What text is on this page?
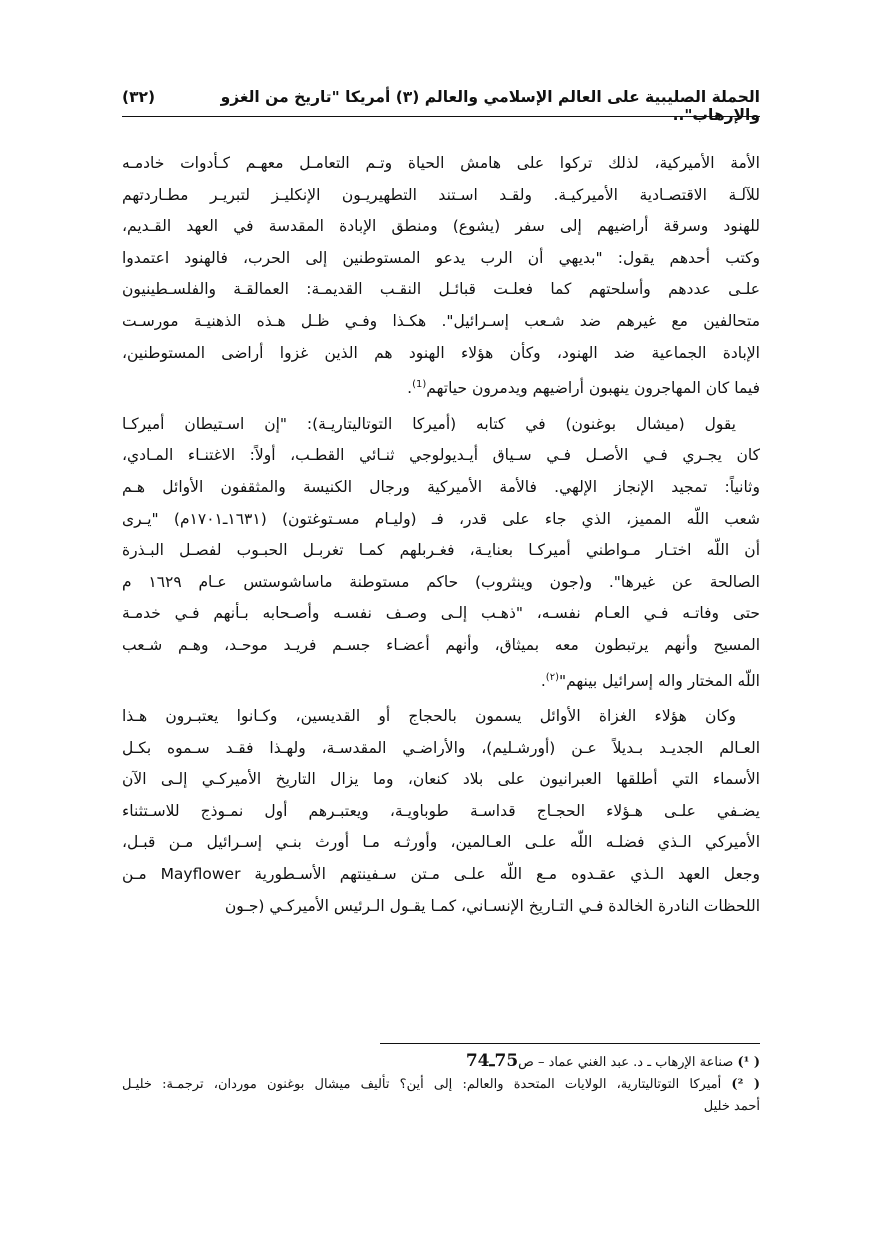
الحملة الصليبية على العالم الإسلامي والعالم (٣) أمريكا "تاريخ من الغزو والإرهاب"..
(٣٢)
الأمة الأميركية، لذلك تركوا على هامش الحياة وتـم التعامـل معهـم كـأدوات خادمـه
للآلـة الاقتصـادية الأميركيـة. ولقـد اسـتند التطهيريـون الإنكليـز لتبريـر مطـاردتهم
للهنود وسرقة أراضيهم إلى سفر (يشوع) ومنطق الإبادة المقدسة في العهد القـديم،
وكتب أحدهم يقول: "بديهي أن الرب يدعو المستوطنين إلى الحرب، فالهنود اعتمدوا
علـى عددهم وأسلحتهم كما فعلـت قبائـل النقـب القديمـة: العمالقـة والفلسـطينيون
متحالفين مع غيرهم ضد شـعب إسـرائيل". هكـذا وفـي ظـل هـذه الذهنيـة مورسـت
الإبادة الجماعية ضد الهنود، وكأن هؤلاء الهنود هم الذين غزوا أراضى المستوطنين،
فيما كان المهاجرون ينهبون أراضيهم ويدمرون حياتهم$^{(1)}$.
يقول (ميشال بوغنون) في كتابه (أميركا التوتاليتاريـة): "إن اسـتيطان أميركـا
كان يجـري فـي الأصـل فـي سـياق أيـديولوجي ثنـائي القطـب، أولاً: الاغتنـاء المـادي،
وثانياً: تمجيد الإنجاز الإلهي. فالأمة الأميركية ورجال الكنيسة والمثقفون الأوائل هـم
شعب اللّه المميز، الذي جاء على قدر، فـ (وليـام مسـتوغتون) (١٦٣١ـ١٧٠١م) "يـرى
أن اللّه اختـار مـواطني أميركـا بعنايـة، فغـربلهم كمـا تغربـل الحبـوب لفصـل البـذرة
الصالحة عن غيرها". و(جون وينثروب) حاكم مستوطنة ماساشوستس عـام ١٦٢٩ م
حتى وفاتـه فـي العـام نفسـه، "ذهـب إلـى وصـف نفسـه وأصـحابه بـأنهم فـي خدمـة
المسيح وأنهم يرتبطون معه بميثاق، وأنهم أعضـاء جسـم فريـد موحـد، وهـم شـعب
اللّه المختار واله إسرائيل بينهم"$^{(٢)}$.
وكان هؤلاء الغزاة الأوائل يسمون بالحجاج أو القديسين، وكـانوا يعتبـرون هـذا
العـالم الجديـد بـديلاً عـن (أورشـليم)، والأراضـي المقدسـة، ولهـذا فقـد سـموه بكـل
الأسماء التي أطلقها العبرانيون على بلاد كنعان، وما يزال التاريخ الأميركـي إلـى الآن
يضـفي علـى هـؤلاء الحجـاج قداسـة طوباويـة، ويعتبـرهم أول نمـوذج للاسـتثناء
الأميركي الـذي فضلـه اللّه علـى العـالمين، وأورثـه مـا أورث بنـي إسـرائيل مـن قبـل،
وجعل العهد الـذي عقـدوه مـع اللّه علـى مـتن سـفينتهم الأسـطورية Mayflower مـن
اللحظات النادرة الخالدة فـي التـاريخ الإنسـاني، كمـا يقـول الـرئيس الأميركـي (جـون
( ¹) صناعة الإرهاب ـ د. عبد الغني عماد – ص75ـ74
( ²) أميركا التوتاليتارية، الولايات المتحدة والعالم: إلى أين؟ تأليف ميشال بوغنون موردان، ترجمـة: خليـل
أحمد خليل
